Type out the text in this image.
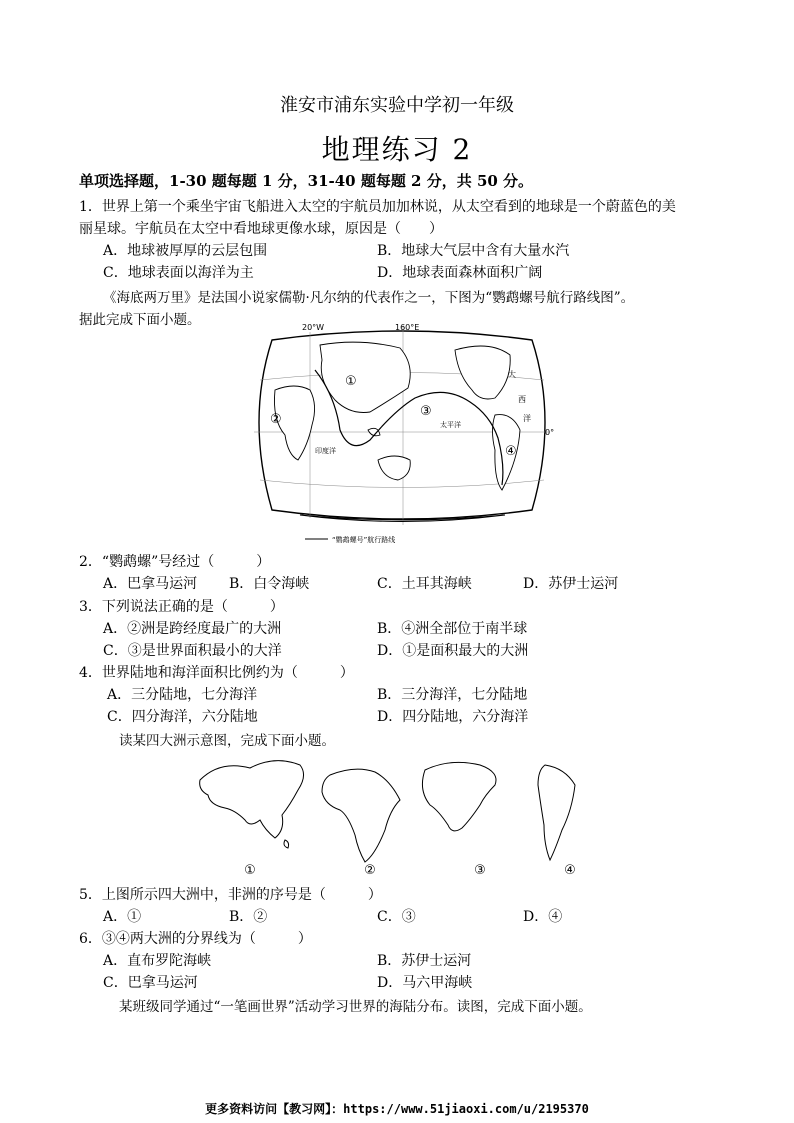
淮安市浦东实验中学初一年级
地理练习 2
单项选择题，1-30 题每题 1 分，31-40 题每题 2 分，共 50 分。
1．世界上第一个乘坐宇宙飞船进入太空的宇航员加加林说，从太空看到的地球是一个蔚蓝色的美
丽星球。宇航员在太空中看地球更像水球，原因是（　　）
A．地球被厚厚的云层包围	B．地球大气层中含有大量水汽
C．地球表面以海洋为主	D．地球表面森林面积广阔
《海底两万里》是法国小说家儒勒·凡尔纳的代表作之一，下图为“鹦鹉螺号航行路线图”。
据此完成下面小题。	20°W	160°E
0°
①
②
③
④
印度洋
太平洋
大
西
洋
“鹦鹉螺号”航行路线
2．“鹦鹉螺”号经过（　　　）
A．巴拿马运河 B．白令海峡	C．土耳其海峡	D．苏伊士运河
3．下列说法正确的是（　　　）
A．②洲是跨经度最广的大洲	B．④洲全部位于南半球
C．③是世界面积最小的大洋	D．①是面积最大的大洲
4．世界陆地和海洋面积比例约为（　　　）
A．三分陆地，七分海洋	B．三分海洋，七分陆地
C．四分海洋，六分陆地	D．四分陆地，六分海洋
读某四大洲示意图，完成下面小题。
①	②	③	④
5．上图所示四大洲中，非洲的序号是（　　　）
A．①	B．②	C．③	D．④
6．③④两大洲的分界线为（　　　）
A．直布罗陀海峡	B．苏伊士运河
C．巴拿马运河	D．马六甲海峡
某班级同学通过“一笔画世界”活动学习世界的海陆分布。读图，完成下面小题。
更多资料访问【教习网】：https://www.51jiaoxi.com/u/2195370
